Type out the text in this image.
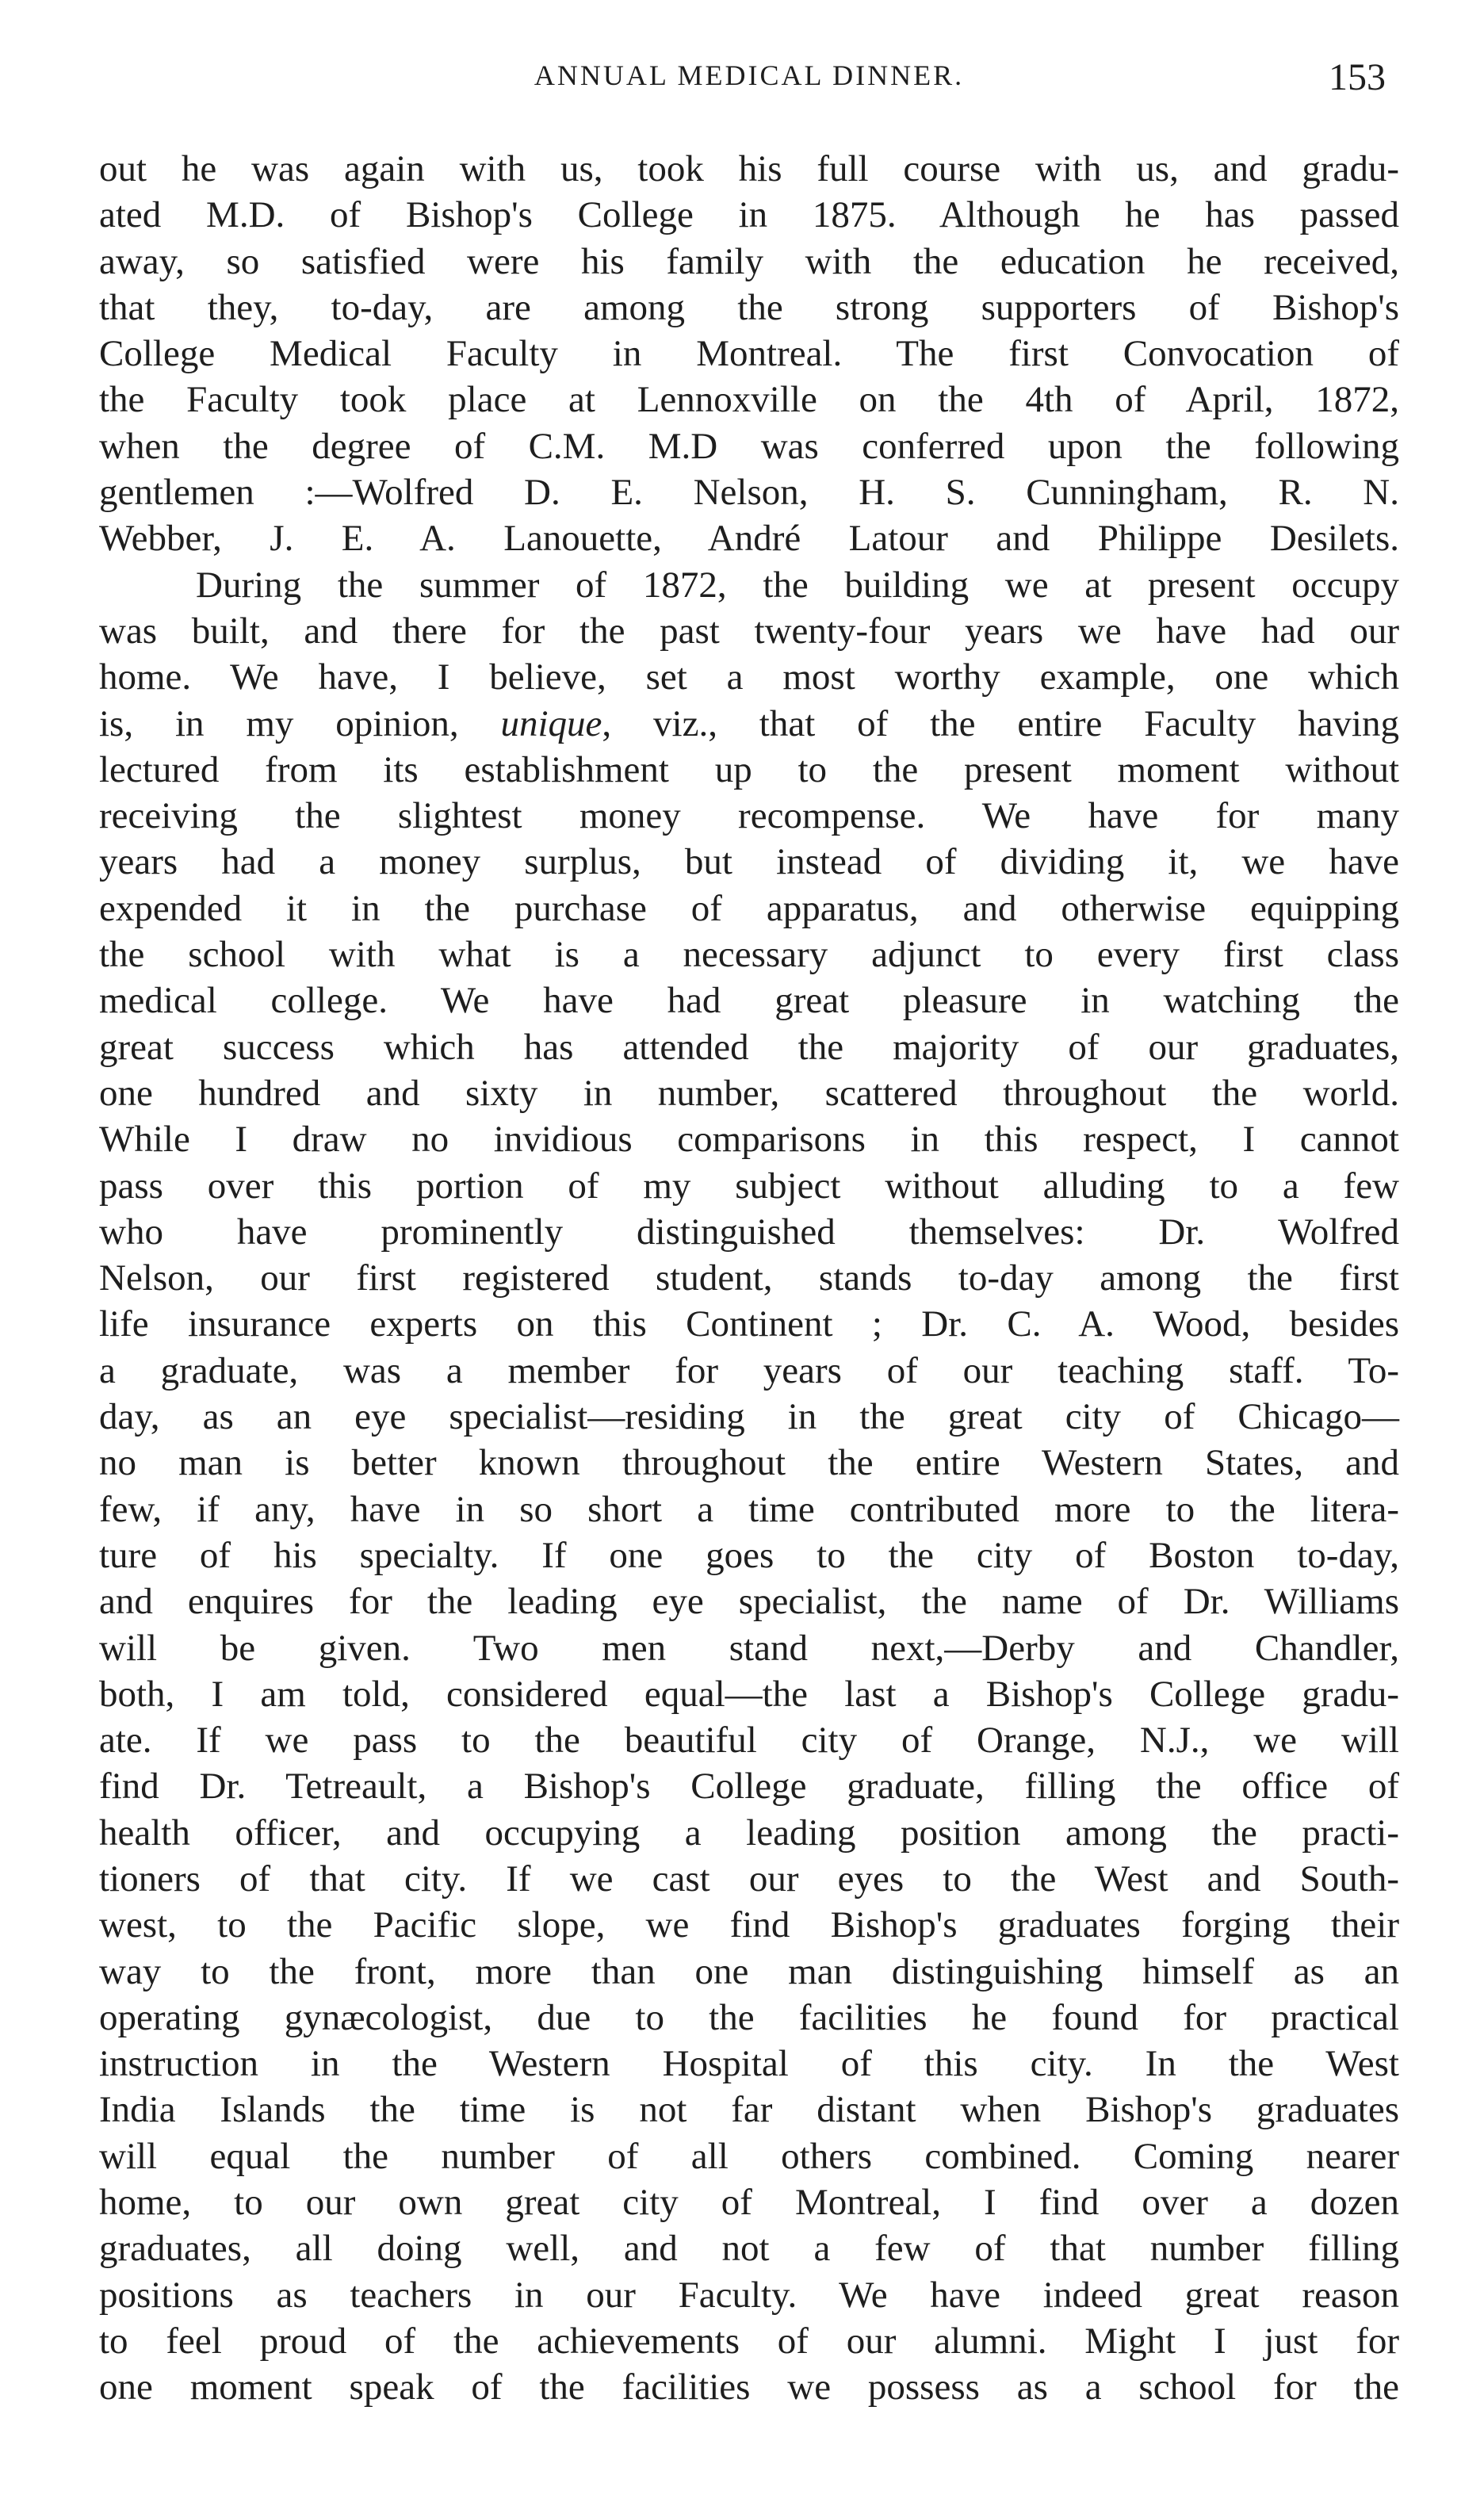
ANNUAL MEDICAL DINNER.	153
out he was again with us, took his full course with us, and gradu-
ated M.D. of Bishop's College in 1875. Although he has passed
away, so satisfied were his family with the education he received,
that they, to-day, are among the strong supporters of Bishop's
College Medical Faculty in Montreal. The first Convocation of
the Faculty took place at Lennoxville on the 4th of April, 1872,
when the degree of C.M. M.D was conferred upon the following
gentlemen :—Wolfred D. E. Nelson, H. S. Cunningham, R. N.
Webber, J. E. A. Lanouette, André Latour and Philippe Desilets.
During the summer of 1872, the building we at present occupy
was built, and there for the past twenty-four years we have had our
home. We have, I believe, set a most worthy example, one which
is, in my opinion, unique, viz., that of the entire Faculty having
lectured from its establishment up to the present moment without
receiving the slightest money recompense. We have for many
years had a money surplus, but instead of dividing it, we have
expended it in the purchase of apparatus, and otherwise equipping
the school with what is a necessary adjunct to every first class
medical college. We have had great pleasure in watching the
great success which has attended the majority of our graduates,
one hundred and sixty in number, scattered throughout the world.
While I draw no invidious comparisons in this respect, I cannot
pass over this portion of my subject without alluding to a few
who have prominently distinguished themselves: Dr. Wolfred
Nelson, our first registered student, stands to-day among the first
life insurance experts on this Continent ; Dr. C. A. Wood, besides
a graduate, was a member for years of our teaching staff. To-
day, as an eye specialist—residing in the great city of Chicago—
no man is better known throughout the entire Western States, and
few, if any, have in so short a time contributed more to the litera-
ture of his specialty. If one goes to the city of Boston to-day,
and enquires for the leading eye specialist, the name of Dr. Williams
will be given. Two men stand next,—Derby and Chandler,
both, I am told, considered equal—the last a Bishop's College gradu-
ate. If we pass to the beautiful city of Orange, N.J., we will
find Dr. Tetreault, a Bishop's College graduate, filling the office of
health officer, and occupying a leading position among the practi-
tioners of that city. If we cast our eyes to the West and South-
west, to the Pacific slope, we find Bishop's graduates forging their
way to the front, more than one man distinguishing himself as an
operating gynæcologist, due to the facilities he found for practical
instruction in the Western Hospital of this city. In the West
India Islands the time is not far distant when Bishop's graduates
will equal the number of all others combined. Coming nearer
home, to our own great city of Montreal, I find over a dozen
graduates, all doing well, and not a few of that number filling
positions as teachers in our Faculty. We have indeed great reason
to feel proud of the achievements of our alumni. Might I just for
one moment speak of the facilities we possess as a school for the
